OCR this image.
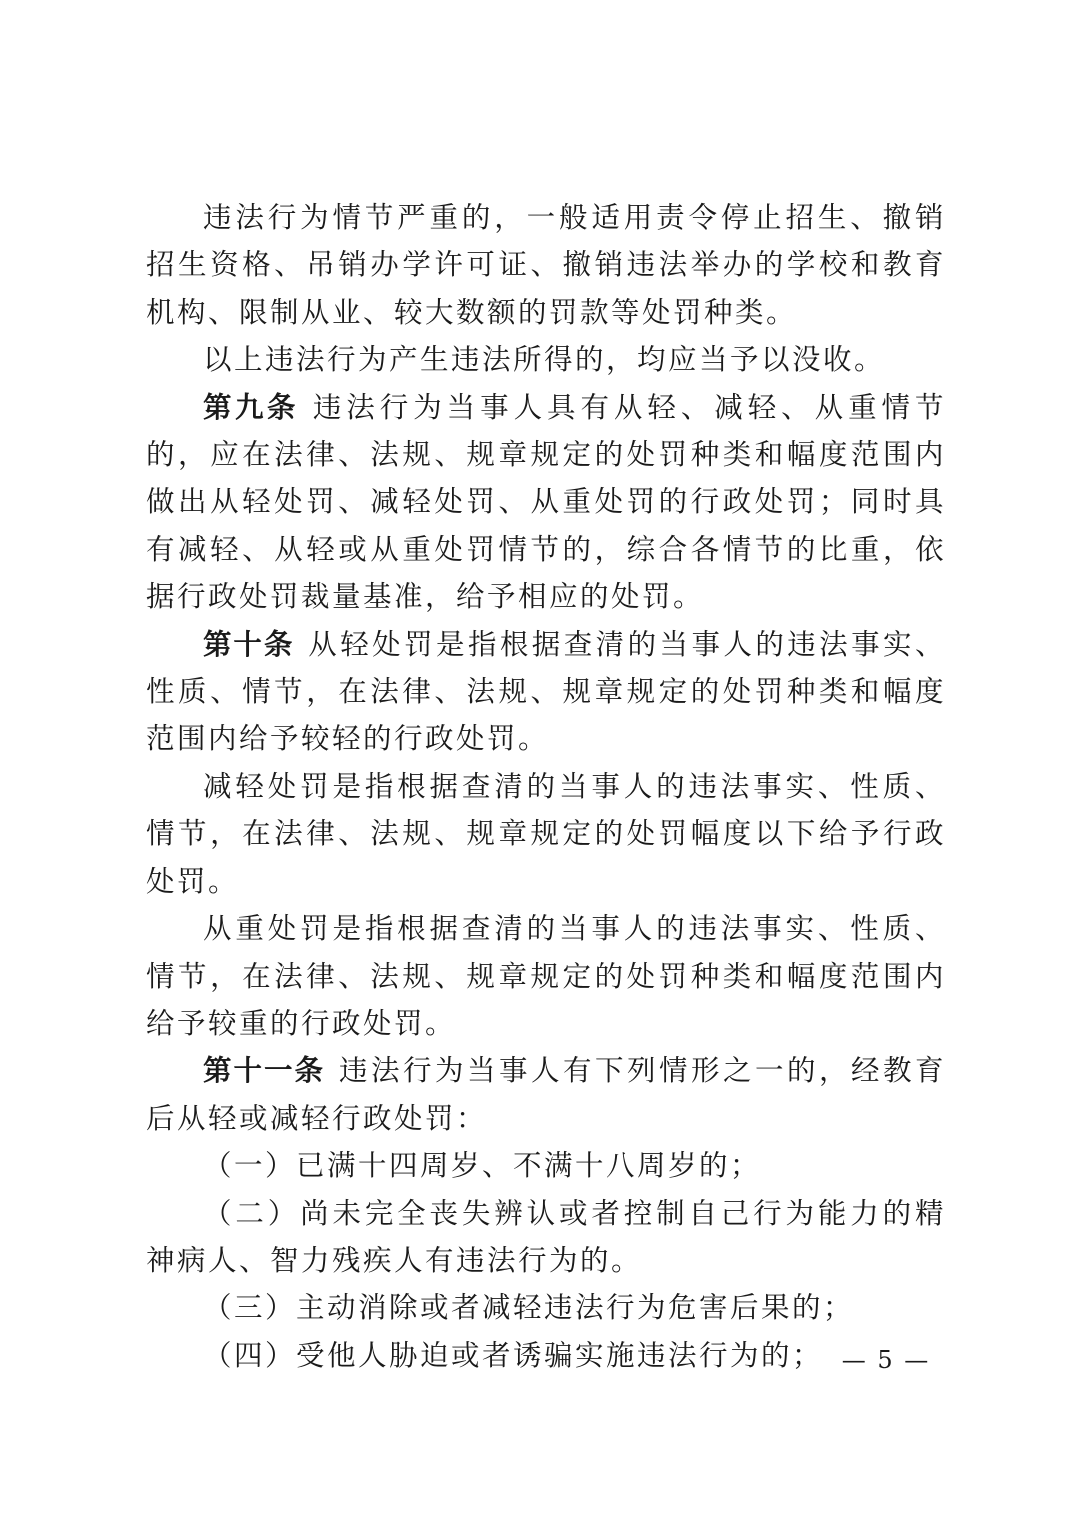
违法行为情节严重的，一般适用责令停止招生、撤销招生资格、吊销办学许可证、撤销违法举办的学校和教育机构、限制从业、较大数额的罚款等处罚种类。

以上违法行为产生违法所得的，均应当予以没收。

第九条 违法行为当事人具有从轻、减轻、从重情节的，应在法律、法规、规章规定的处罚种类和幅度范围内做出从轻处罚、减轻处罚、从重处罚的行政处罚；同时具有减轻、从轻或从重处罚情节的，综合各情节的比重，依据行政处罚裁量基准，给予相应的处罚。

第十条 从轻处罚是指根据查清的当事人的违法事实、性质、情节，在法律、法规、规章规定的处罚种类和幅度范围内给予较轻的行政处罚。

减轻处罚是指根据查清的当事人的违法事实、性质、情节，在法律、法规、规章规定的处罚幅度以下给予行政处罚。

从重处罚是指根据查清的当事人的违法事实、性质、情节，在法律、法规、规章规定的处罚种类和幅度范围内给予较重的行政处罚。

第十一条 违法行为当事人有下列情形之一的，经教育后从轻或减轻行政处罚：

（一）已满十四周岁、不满十八周岁的；

（二）尚未完全丧失辨认或者控制自己行为能力的精神病人、智力残疾人有违法行为的。

（三）主动消除或者减轻违法行为危害后果的；

（四）受他人胁迫或者诱骗实施违法行为的； — 5 —
